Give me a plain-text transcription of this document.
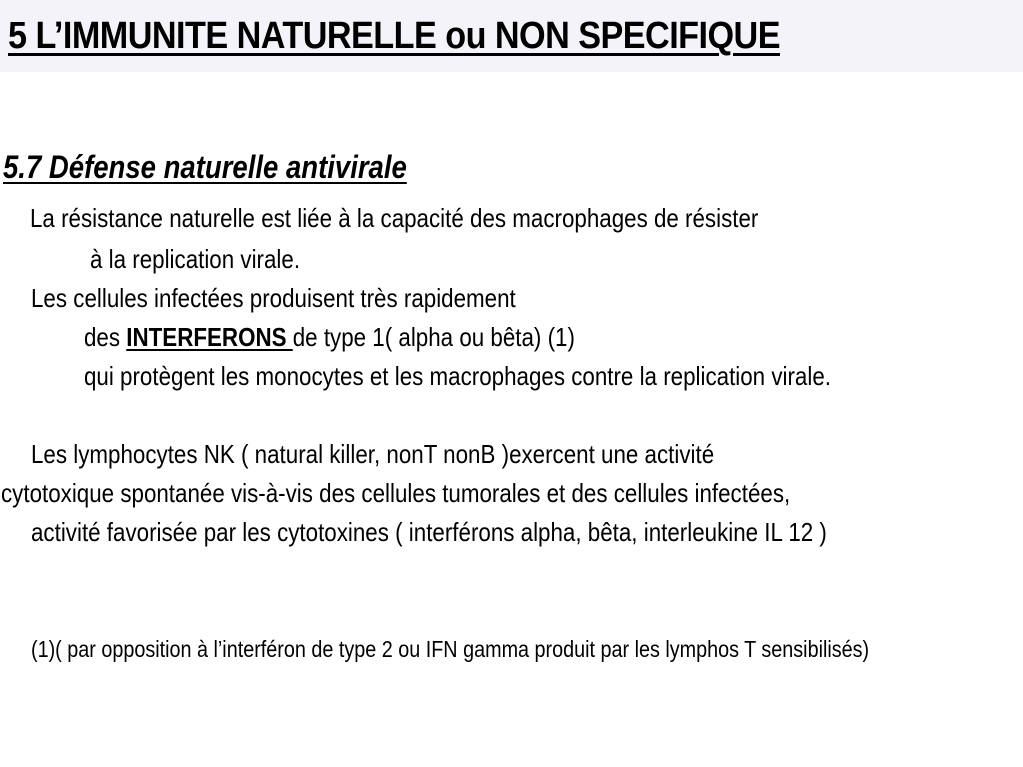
5 L’IMMUNITE NATURELLE ou NON SPECIFIQUE
5.7 Défense naturelle antivirale

La résistance naturelle est liée à la capacité des macrophages de résister

à la replication virale.

Les cellules infectées produisent très rapidement

des INTERFERONS de type 1( alpha ou bêta) (1)

qui protègent les monocytes et les macrophages contre la replication virale.

Les lymphocytes NK ( natural killer, nonT nonB )exercent une activité

cytotoxique spontanée vis-à-vis des cellules tumorales et des cellules infectées,

activité favorisée par les cytotoxines ( interférons alpha, bêta, interleukine IL 12 )

(1)( par opposition à l’interféron de type 2 ou IFN gamma produit par les lymphos T sensibilisés)
